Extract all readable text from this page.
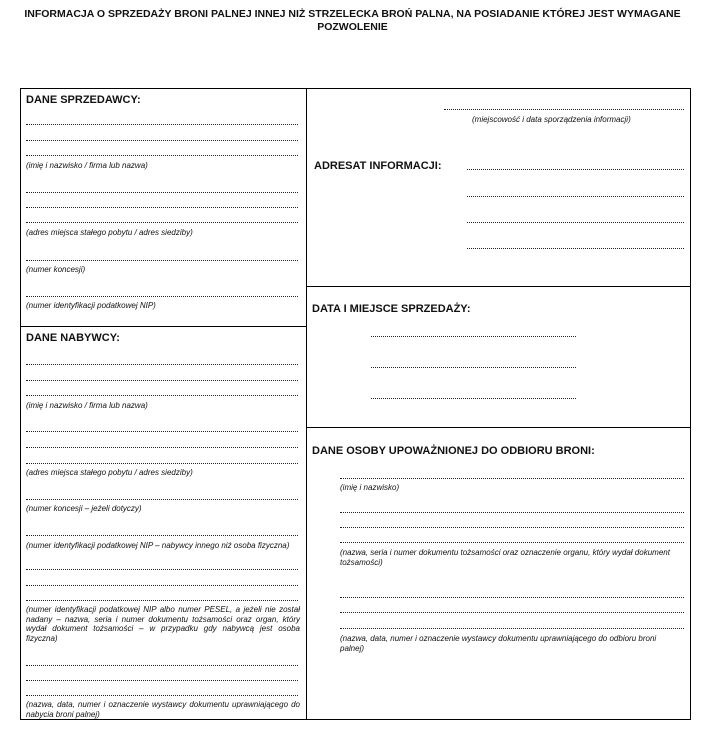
INFORMACJA O SPRZEDAŻY BRONI PALNEJ INNEJ NIŻ STRZELECKA BROŃ PALNA, NA POSIADANIE KTÓREJ JEST WYMAGANE
POZWOLENIE
DANE SPRZEDAWCY:
(imię i nazwisko / firma lub nazwa)
(adres miejsca stałego pobytu / adres siedziby)
(numer koncesji)
(numer identyfikacji podatkowej NIP)
DANE NABYWCY:
(imię i nazwisko / firma lub nazwa)
(adres miejsca stałego pobytu / adres siedziby)
(numer koncesji – jeżeli dotyczy)
(numer identyfikacji podatkowej NIP – nabywcy innego niż osoba fizyczna)
(numer identyfikacji podatkowej NIP albo numer PESEL, a jeżeli nie został nadany – nazwa, seria i numer dokumentu tożsamości oraz organ, który wydał dokument tożsamości – w przypadku gdy nabywcą jest osoba fizyczna)
(nazwa, data, numer i oznaczenie wystawcy dokumentu uprawniającego do nabycia broni palnej)
(miejscowość i data sporządzenia informacji)
ADRESAT INFORMACJI:
DATA I MIEJSCE SPRZEDAŻY:
DANE OSOBY UPOWAŻNIONEJ DO ODBIORU BRONI:
(imię i nazwisko)
(nazwa, seria i numer dokumentu tożsamości oraz oznaczenie organu, który wydał dokument tożsamości)
(nazwa, data, numer i oznaczenie wystawcy dokumentu uprawniającego do odbioru broni palnej)
